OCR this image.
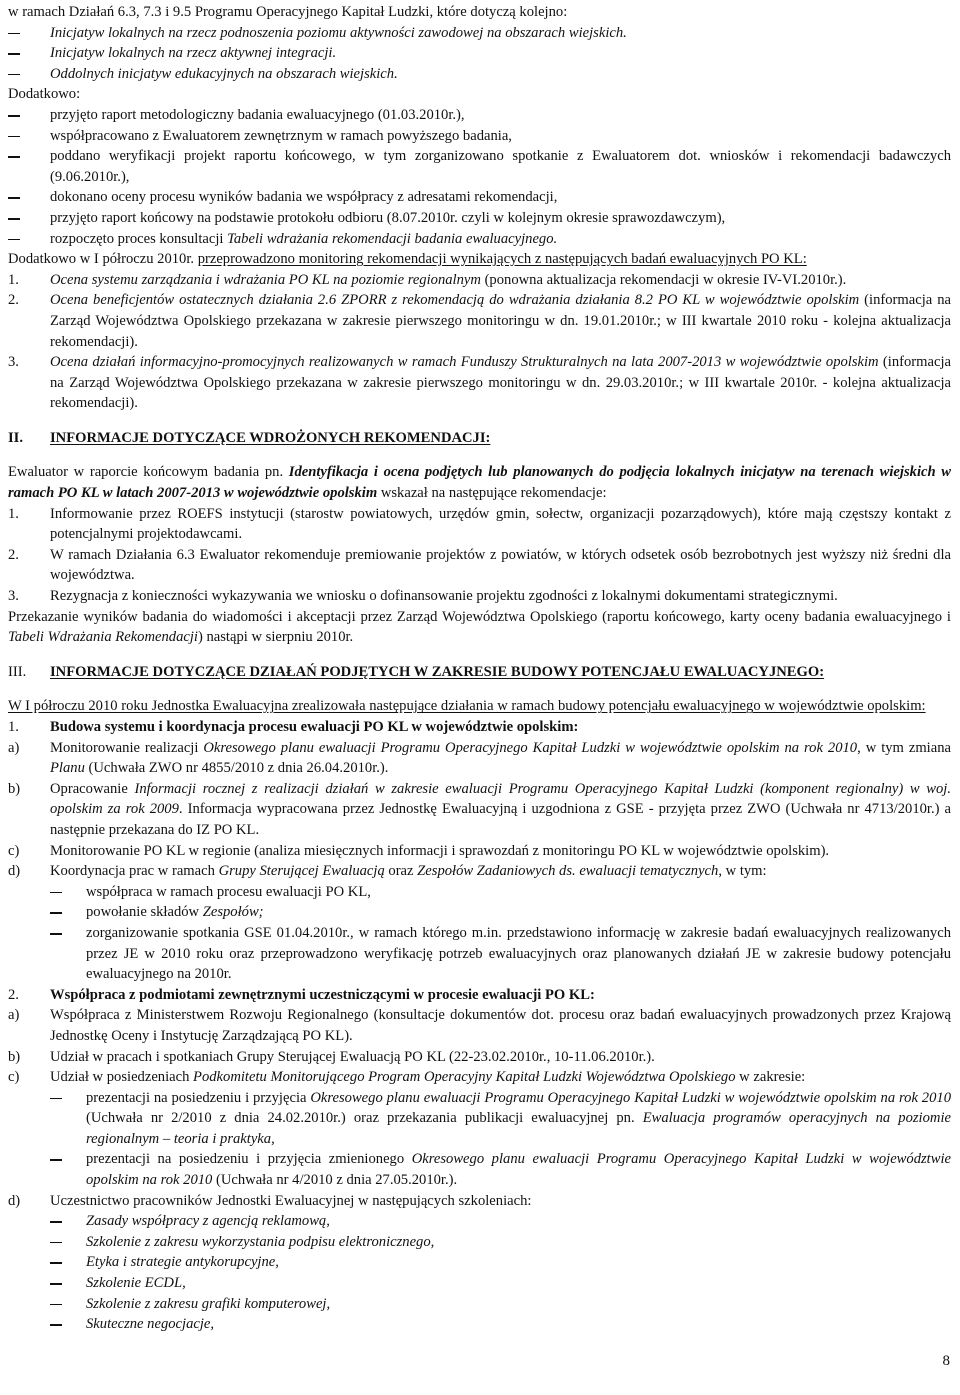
w ramach Działań 6.3, 7.3 i 9.5 Programu Operacyjnego Kapitał Ludzki, które dotyczą kolejno:
Inicjatyw lokalnych na rzecz podnoszenia poziomu aktywności zawodowej na obszarach wiejskich.
Inicjatyw lokalnych na rzecz aktywnej integracji.
Oddolnych inicjatyw edukacyjnych na obszarach wiejskich.
Dodatkowo:
przyjęto raport metodologiczny badania ewaluacyjnego (01.03.2010r.),
współpracowano z Ewaluatorem zewnętrznym w ramach powyższego badania,
poddano weryfikacji projekt raportu końcowego, w tym zorganizowano spotkanie z Ewaluatorem dot. wniosków i rekomendacji badawczych (9.06.2010r.),
dokonano oceny procesu wyników badania we współpracy z adresatami rekomendacji,
przyjęto raport końcowy na podstawie protokołu odbioru (8.07.2010r. czyli w kolejnym okresie sprawozdawczym),
rozpoczęto proces konsultacji Tabeli wdrażania rekomendacji badania ewaluacyjnego.
Dodatkowo w I półroczu 2010r. przeprowadzono monitoring rekomendacji wynikających z następujących badań ewaluacyjnych PO KL:
1. Ocena systemu zarządzania i wdrażania PO KL na poziomie regionalnym (ponowna aktualizacja rekomendacji w okresie IV-VI.2010r.).
2. Ocena beneficjentów ostatecznych działania 2.6 ZPORR z rekomendacją do wdrażania działania 8.2 PO KL w województwie opolskim (informacja na Zarząd Województwa Opolskiego przekazana w zakresie pierwszego monitoringu w dn. 19.01.2010r.; w III kwartale 2010 roku - kolejna aktualizacja rekomendacji).
3. Ocena działań informacyjno-promocyjnych realizowanych w ramach Funduszy Strukturalnych na lata 2007-2013 w województwie opolskim (informacja na Zarząd Województwa Opolskiego przekazana w zakresie pierwszego monitoringu w dn. 29.03.2010r.; w III kwartale 2010r. - kolejna aktualizacja rekomendacji).
II. INFORMACJE DOTYCZĄCE WDROŻONYCH REKOMENDACJI:
Ewaluator w raporcie końcowym badania pn. Identyfikacja i ocena podjętych lub planowanych do podjęcia lokalnych inicjatyw na terenach wiejskich w ramach PO KL w latach 2007-2013 w województwie opolskim wskazał na następujące rekomendacje:
1. Informowanie przez ROEFS instytucji (starostw powiatowych, urzędów gmin, sołectw, organizacji pozarządowych), które mają częstszy kontakt z potencjalnymi projektodawcami.
2. W ramach Działania 6.3 Ewaluator rekomenduje premiowanie projektów z powiatów, w których odsetek osób bezrobotnych jest wyższy niż średni dla województwa.
3. Rezygnacja z konieczności wykazywania we wniosku o dofinansowanie projektu zgodności z lokalnymi dokumentami strategicznymi.
Przekazanie wyników badania do wiadomości i akceptacji przez Zarząd Województwa Opolskiego (raportu końcowego, karty oceny badania ewaluacyjnego i Tabeli Wdrażania Rekomendacji) nastąpi w sierpniu 2010r.
III. INFORMACJE DOTYCZĄCE DZIAŁAŃ PODJĘTYCH W ZAKRESIE BUDOWY POTENCJAŁU EWALUACYJNEGO:
W I półroczu 2010 roku Jednostka Ewaluacyjna zrealizowała następujące działania w ramach budowy potencjału ewaluacyjnego w województwie opolskim:
1. Budowa systemu i koordynacja procesu ewaluacji PO KL w województwie opolskim:
a) Monitorowanie realizacji Okresowego planu ewaluacji Programu Operacyjnego Kapitał Ludzki w województwie opolskim na rok 2010, w tym zmiana Planu (Uchwała ZWO nr 4855/2010 z dnia 26.04.2010r.).
b) Opracowanie Informacji rocznej z realizacji działań w zakresie ewaluacji Programu Operacyjnego Kapitał Ludzki (komponent regionalny) w woj. opolskim za rok 2009. Informacja wypracowana przez Jednostkę Ewaluacyjną i uzgodniona z GSE - przyjęta przez ZWO (Uchwała nr 4713/2010r.) a następnie przekazana do IZ PO KL.
c) Monitorowanie PO KL w regionie (analiza miesięcznych informacji i sprawozdań z monitoringu PO KL w województwie opolskim).
d) Koordynacja prac w ramach Grupy Sterującej Ewaluacją oraz Zespołów Zadaniowych ds. ewaluacji tematycznych, w tym:
współpraca w ramach procesu ewaluacji PO KL,
powołanie składów Zespołów;
zorganizowanie spotkania GSE 01.04.2010r., w ramach którego m.in. przedstawiono informację w zakresie badań ewaluacyjnych realizowanych przez JE w 2010 roku oraz przeprowadzono weryfikację potrzeb ewaluacyjnych oraz planowanych działań JE w zakresie budowy potencjału ewaluacyjnego na 2010r.
2. Współpraca z podmiotami zewnętrznymi uczestniczącymi w procesie ewaluacji PO KL:
a) Współpraca z Ministerstwem Rozwoju Regionalnego (konsultacje dokumentów dot. procesu oraz badań ewaluacyjnych prowadzonych przez Krajową Jednostkę Oceny i Instytucję Zarządzającą PO KL).
b) Udział w pracach i spotkaniach Grupy Sterującej Ewaluacją PO KL (22-23.02.2010r., 10-11.06.2010r.).
c) Udział w posiedzeniach Podkomitetu Monitorującego Program Operacyjny Kapitał Ludzki Województwa Opolskiego w zakresie:
prezentacji na posiedzeniu i przyjęcia Okresowego planu ewaluacji Programu Operacyjnego Kapitał Ludzki w województwie opolskim na rok 2010 (Uchwała nr 2/2010 z dnia 24.02.2010r.) oraz przekazania publikacji ewaluacyjnej pn. Ewaluacja programów operacyjnych na poziomie regionalnym – teoria i praktyka,
prezentacji na posiedzeniu i przyjęcia zmienionego Okresowego planu ewaluacji Programu Operacyjnego Kapitał Ludzki w województwie opolskim na rok 2010 (Uchwała nr 4/2010 z dnia 27.05.2010r.).
d) Uczestnictwo pracowników Jednostki Ewaluacyjnej w następujących szkoleniach:
Zasady współpracy z agencją reklamową,
Szkolenie z zakresu wykorzystania podpisu elektronicznego,
Etyka i strategie antykorupcyjne,
Szkolenie ECDL,
Szkolenie z zakresu grafiki komputerowej,
Skuteczne negocjacje,
8
